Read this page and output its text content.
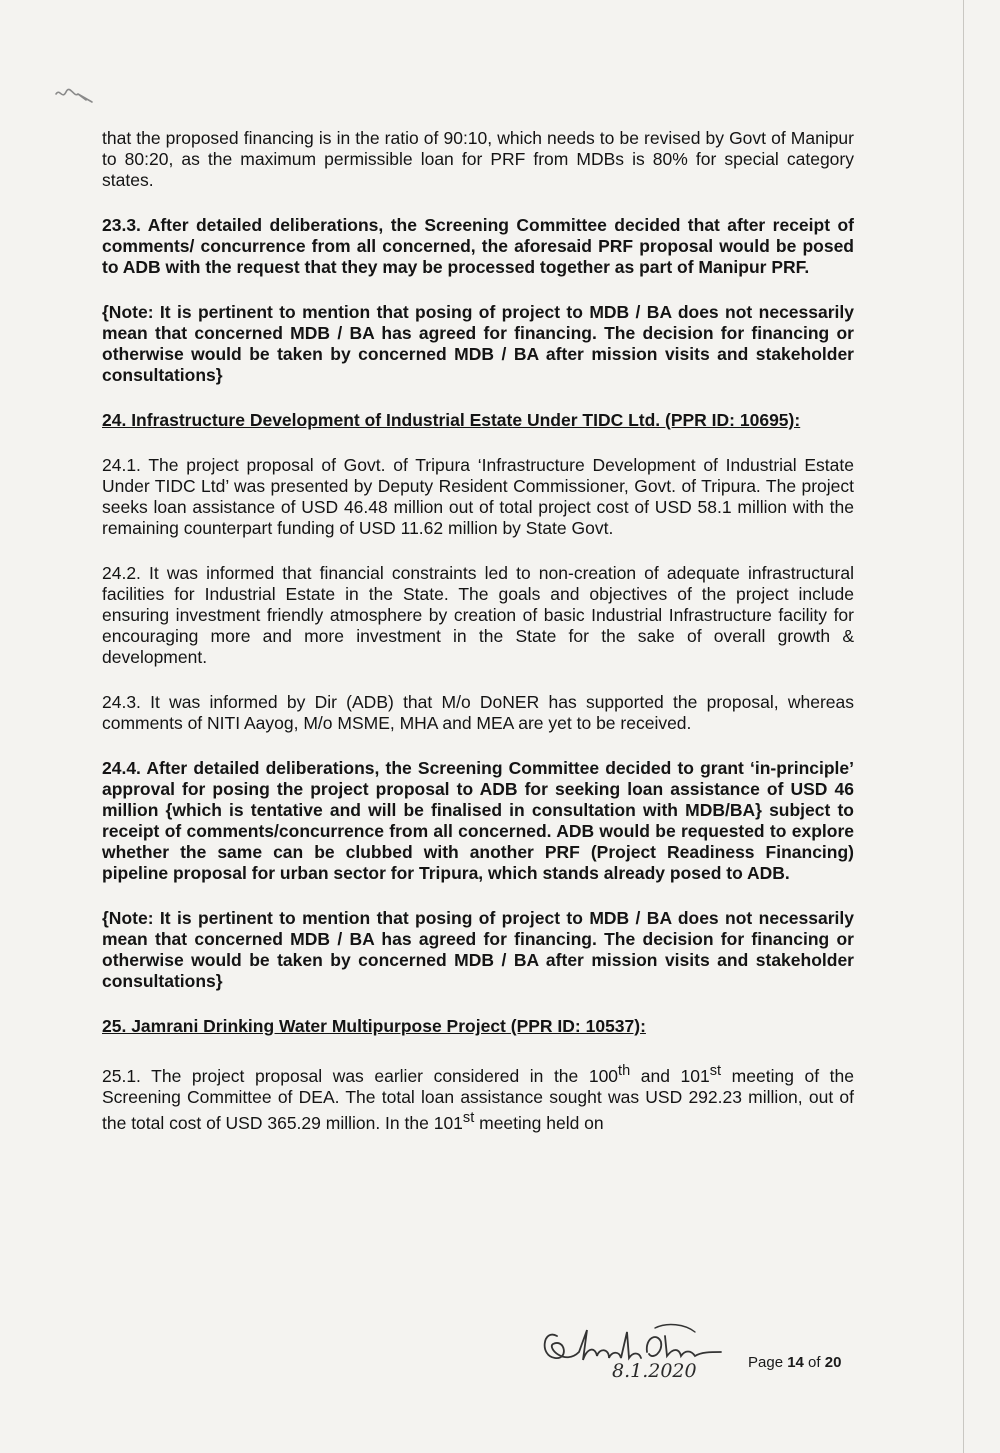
that the proposed financing is in the ratio of 90:10, which needs to be revised by Govt of Manipur to 80:20, as the maximum permissible loan for PRF from MDBs is 80% for special category states.

23.3. After detailed deliberations, the Screening Committee decided that after receipt of comments/ concurrence from all concerned, the aforesaid PRF proposal would be posed to ADB with the request that they may be processed together as part of Manipur PRF.

{Note: It is pertinent to mention that posing of project to MDB / BA does not necessarily mean that concerned MDB / BA has agreed for financing. The decision for financing or otherwise would be taken by concerned MDB / BA after mission visits and stakeholder consultations}

24. Infrastructure Development of Industrial Estate Under TIDC Ltd. (PPR ID: 10695):

24.1. The project proposal of Govt. of Tripura ‘Infrastructure Development of Industrial Estate Under TIDC Ltd’ was presented by Deputy Resident Commissioner, Govt. of Tripura. The project seeks loan assistance of USD 46.48 million out of total project cost of USD 58.1 million with the remaining counterpart funding of USD 11.62 million by State Govt.

24.2. It was informed that financial constraints led to non-creation of adequate infrastructural facilities for Industrial Estate in the State. The goals and objectives of the project include ensuring investment friendly atmosphere by creation of basic Industrial Infrastructure facility for encouraging more and more investment in the State for the sake of overall growth & development.

24.3. It was informed by Dir (ADB) that M/o DoNER has supported the proposal, whereas comments of NITI Aayog, M/o MSME, MHA and MEA are yet to be received.

24.4. After detailed deliberations, the Screening Committee decided to grant ‘in-principle’ approval for posing the project proposal to ADB for seeking loan assistance of USD 46 million {which is tentative and will be finalised in consultation with MDB/BA} subject to receipt of comments/concurrence from all concerned. ADB would be requested to explore whether the same can be clubbed with another PRF (Project Readiness Financing) pipeline proposal for urban sector for Tripura, which stands already posed to ADB.

{Note: It is pertinent to mention that posing of project to MDB / BA does not necessarily mean that concerned MDB / BA has agreed for financing. The decision for financing or otherwise would be taken by concerned MDB / BA after mission visits and stakeholder consultations}

25. Jamrani Drinking Water Multipurpose Project (PPR ID: 10537):

25.1. The project proposal was earlier considered in the 100th and 101st meeting of the Screening Committee of DEA. The total loan assistance sought was USD 292.23 million, out of the total cost of USD 365.29 million. In the 101st meeting held on

8.1.2020	Page 14 of 20
